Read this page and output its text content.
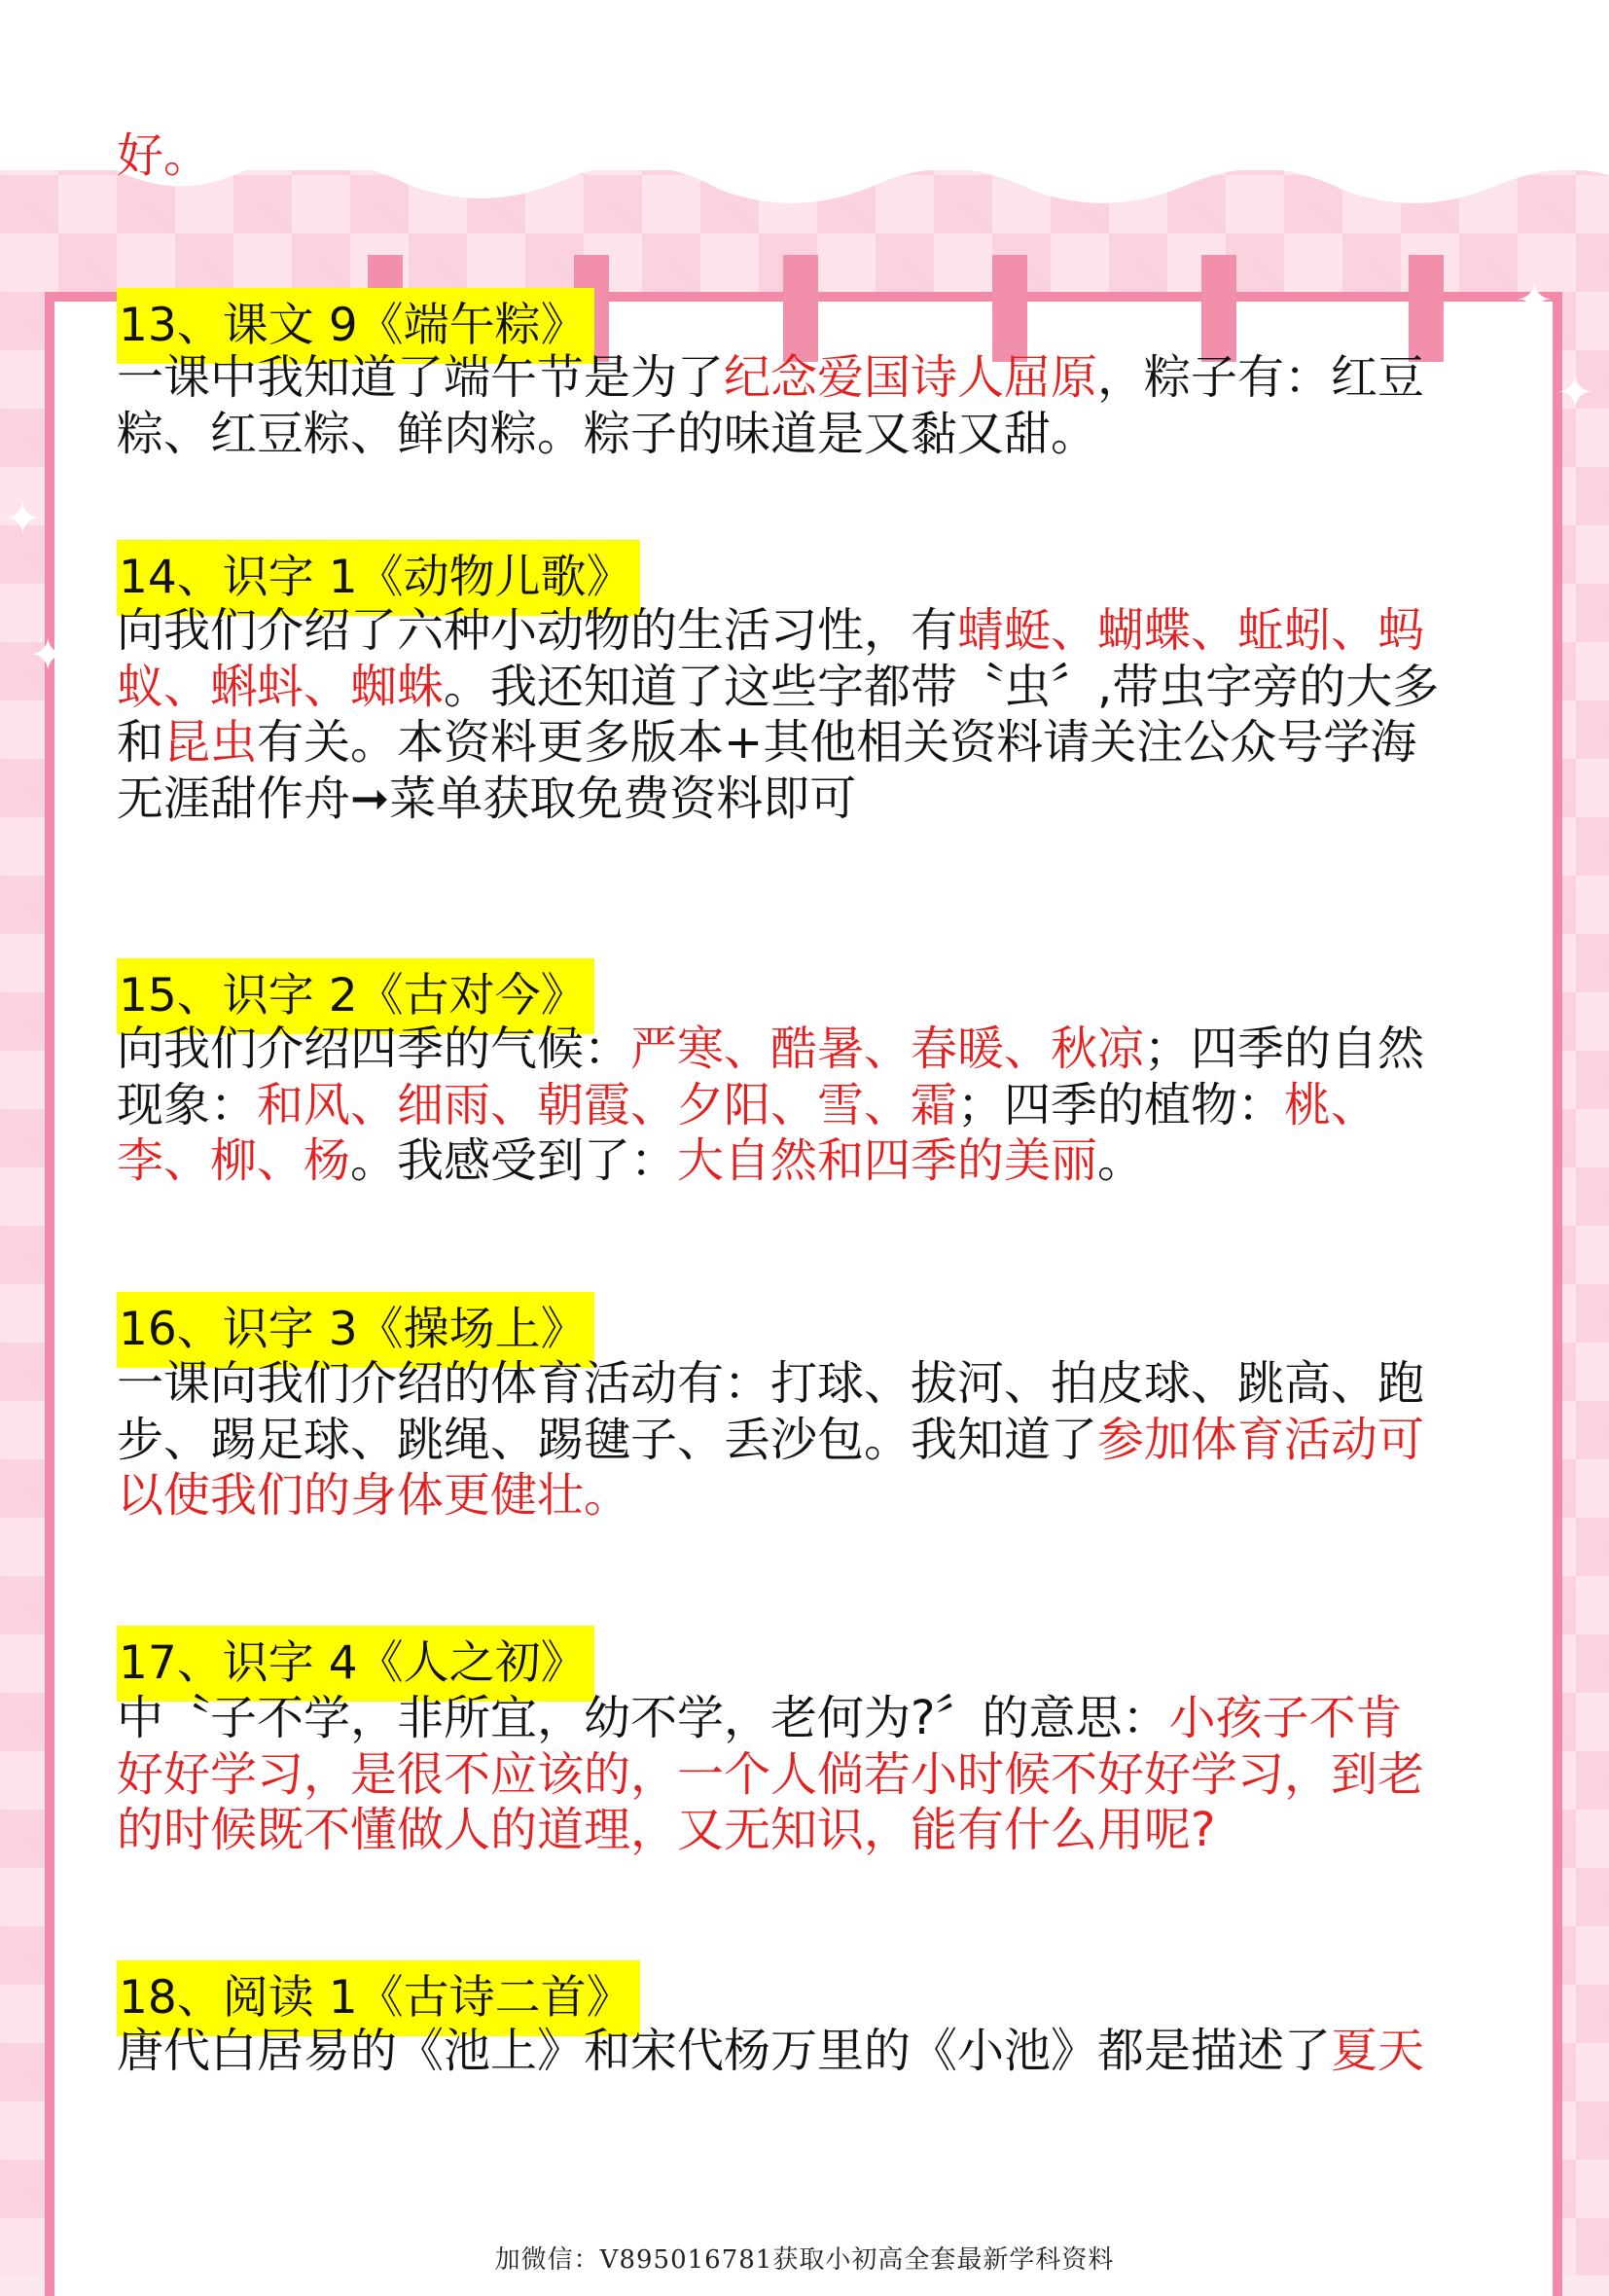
✦
✦
✦
✦
好。
13、课文 9《端午粽》
一课中我知道了端午节是为了纪念爱国诗人屈原，粽子有：红豆
粽、红豆粽、鲜肉粽。粽子的味道是又黏又甜。
14、识字 1《动物儿歌》
向我们介绍了六种小动物的生活习性，有蜻蜓、蝴蝶、蚯蚓、蚂
蚁、蝌蚪、蜘蛛。我还知道了这些字都带〝虫〞,带虫字旁的大多
和昆虫有关。本资料更多版本+其他相关资料请关注公众号学海
无涯甜作舟➞菜单获取免费资料即可
15、识字 2《古对今》
向我们介绍四季的气候：严寒、酷暑、春暖、秋凉；四季的自然
现象：和风、细雨、朝霞、夕阳、雪、霜；四季的植物：桃、
李、柳、杨。我感受到了：大自然和四季的美丽。
16、识字 3《操场上》
一课向我们介绍的体育活动有：打球、拔河、拍皮球、跳高、跑
步、踢足球、跳绳、踢毽子、丢沙包。我知道了参加体育活动可
以使我们的身体更健壮。
17、识字 4《人之初》
中〝子不学，非所宜，幼不学，老何为?〞的意思：小孩子不肯
好好学习，是很不应该的，一个人倘若小时候不好好学习，到老
的时候既不懂做人的道理，又无知识，能有什么用呢?
18、阅读 1《古诗二首》
唐代白居易的《池上》和宋代杨万里的《小池》都是描述了夏天
加微信：V895016781获取小初高全套最新学科资料
